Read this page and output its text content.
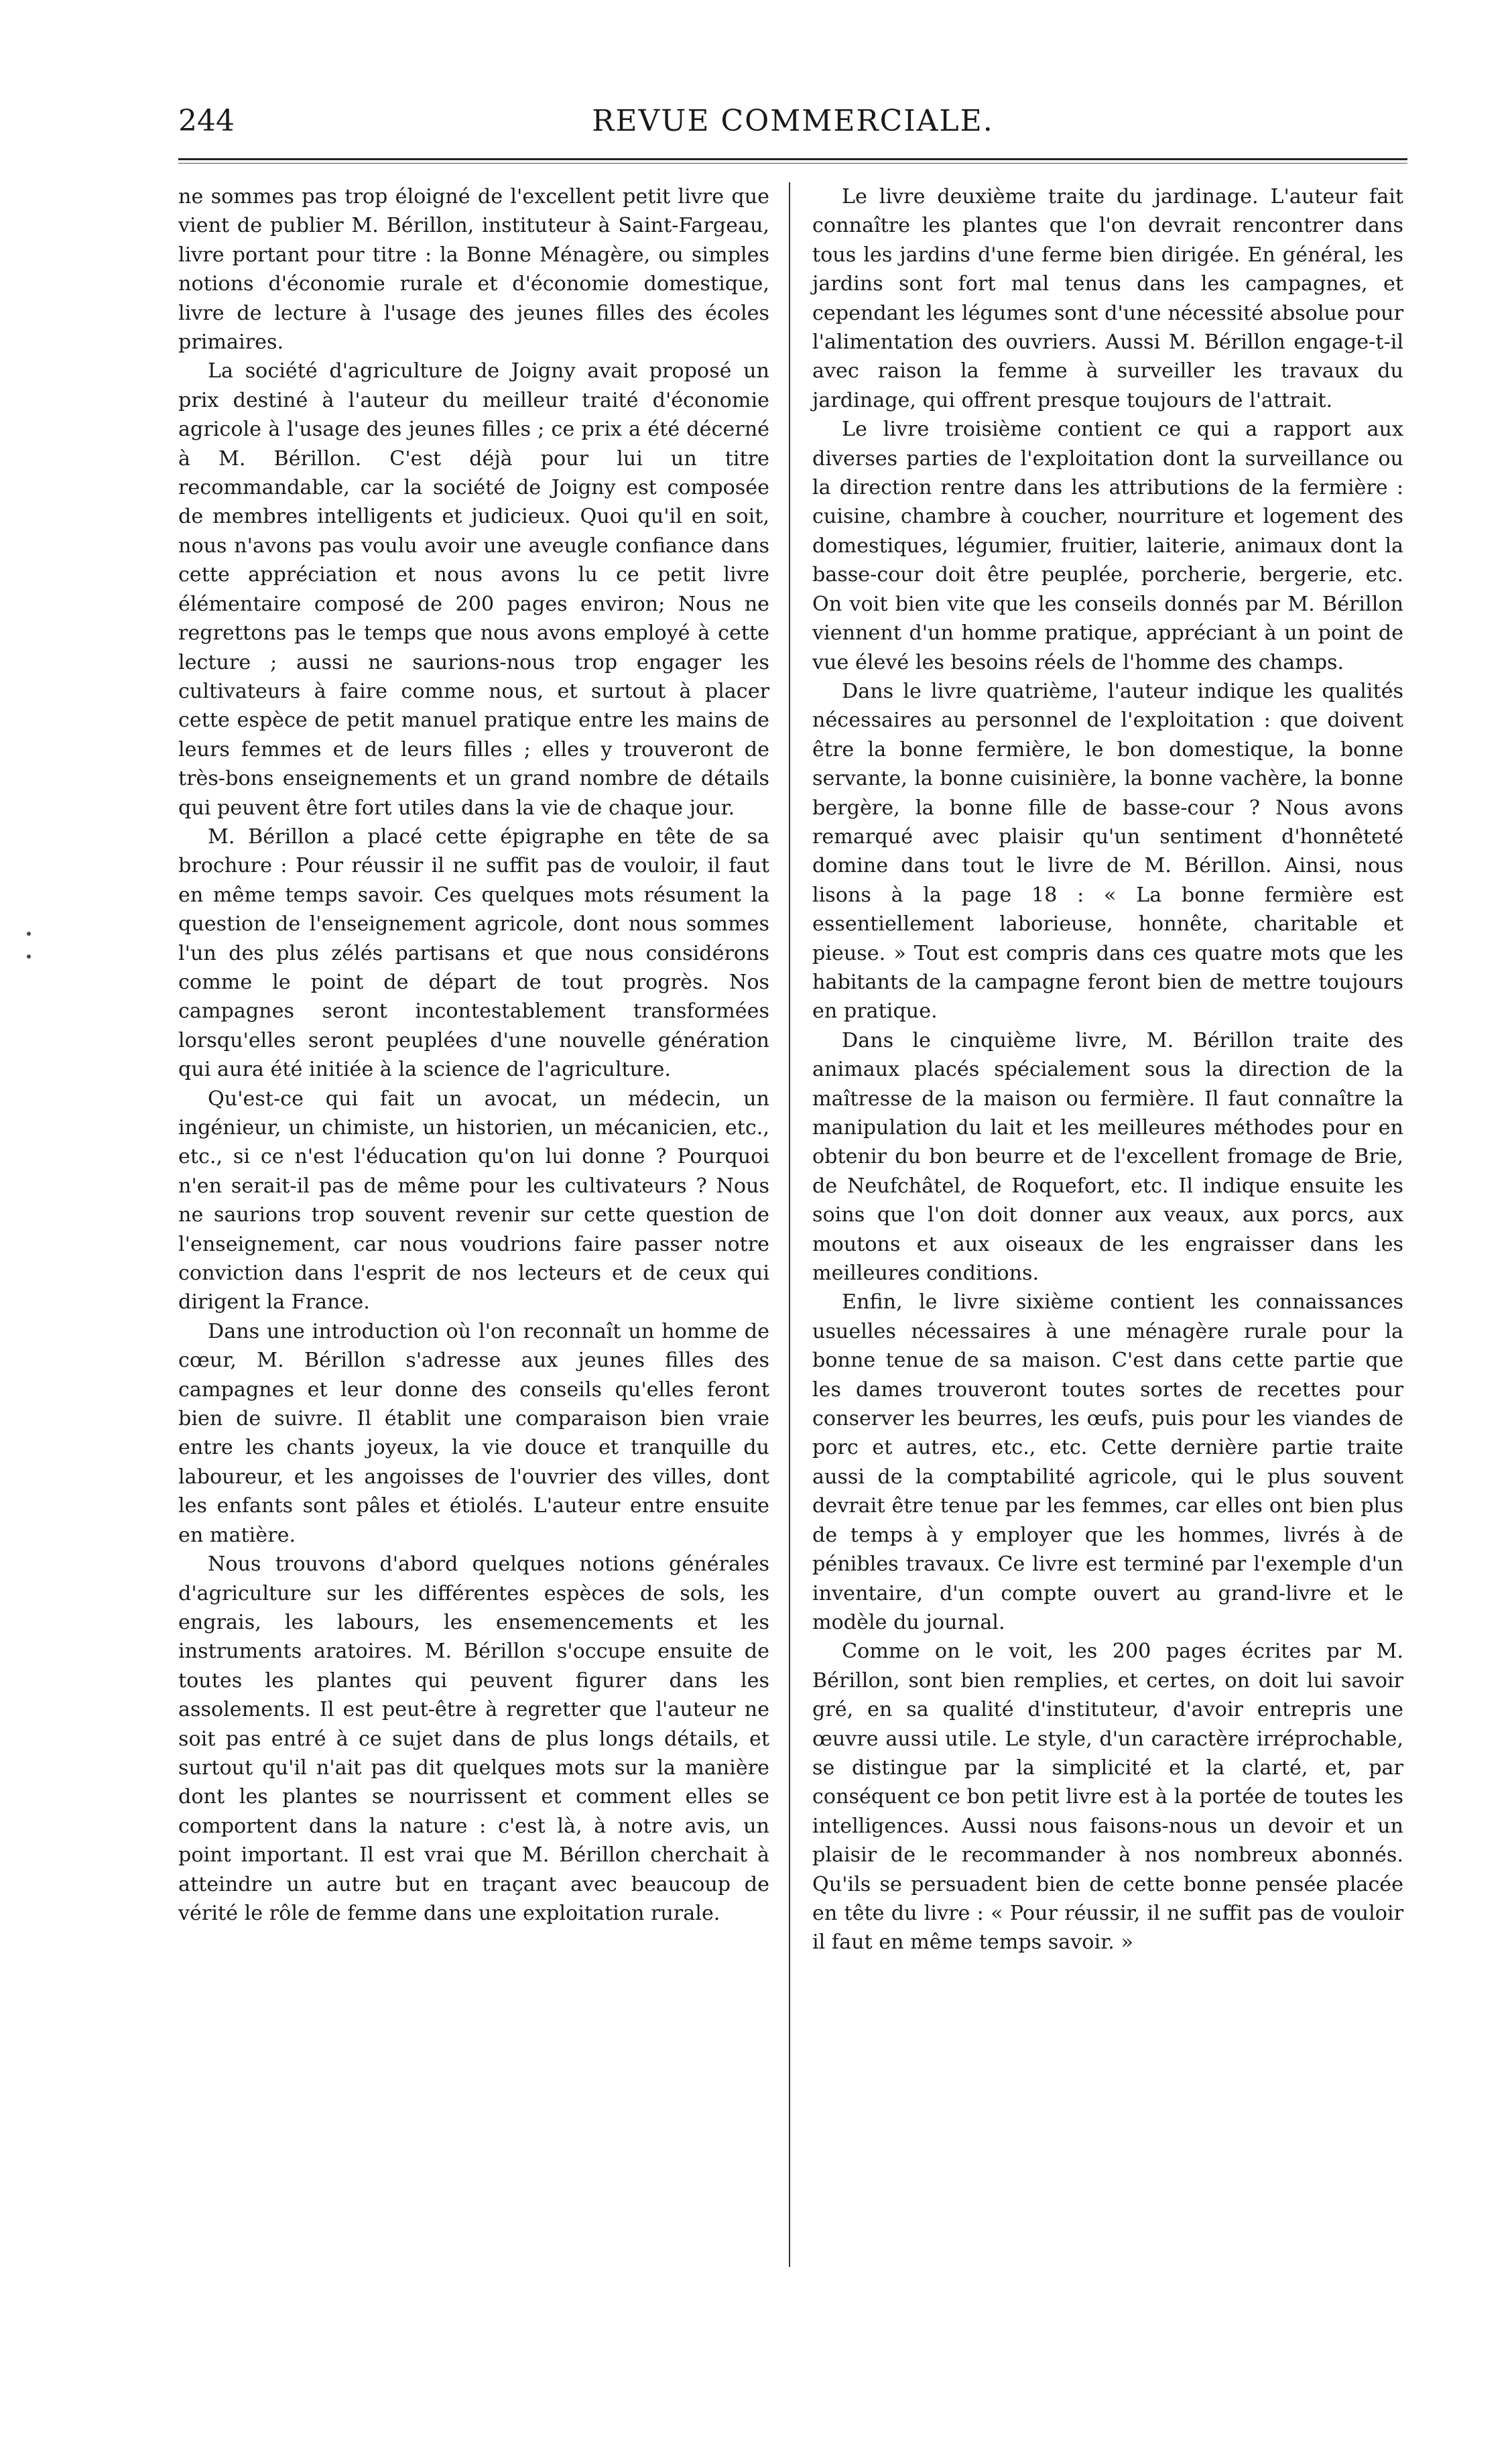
244	REVUE COMMERCIALE.

ne sommes pas trop éloigné de l'excellent petit livre que vient de publier M. Bérillon, instituteur à Saint-Fargeau, livre portant pour titre : la Bonne Ménagère, ou simples notions d'économie rurale et d'économie domestique, livre de lecture à l'usage des jeunes filles des écoles primaires.

La société d'agriculture de Joigny avait proposé un prix destiné à l'auteur du meilleur traité d'économie agricole à l'usage des jeunes filles ; ce prix a été décerné à M. Bérillon. C'est déjà pour lui un titre recommandable, car la société de Joigny est composée de membres intelligents et judicieux. Quoi qu'il en soit, nous n'avons pas voulu avoir une aveugle confiance dans cette appréciation et nous avons lu ce petit livre élémentaire composé de 200 pages environ; Nous ne regrettons pas le temps que nous avons employé à cette lecture ; aussi ne saurions-nous trop engager les cultivateurs à faire comme nous, et surtout à placer cette espèce de petit manuel pratique entre les mains de leurs femmes et de leurs filles ; elles y trouveront de très-bons enseignements et un grand nombre de détails qui peuvent être fort utiles dans la vie de chaque jour.

M. Bérillon a placé cette épigraphe en tête de sa brochure : Pour réussir il ne suffit pas de vouloir, il faut en même temps savoir. Ces quelques mots résument la question de l'enseignement agricole, dont nous sommes l'un des plus zélés partisans et que nous considérons comme le point de départ de tout progrès. Nos campagnes seront incontestablement transformées lorsqu'elles seront peuplées d'une nouvelle génération qui aura été initiée à la science de l'agriculture.

Qu'est-ce qui fait un avocat, un médecin, un ingénieur, un chimiste, un historien, un mécanicien, etc., etc., si ce n'est l'éducation qu'on lui donne ? Pourquoi n'en serait-il pas de même pour les cultivateurs ? Nous ne saurions trop souvent revenir sur cette question de l'enseignement, car nous voudrions faire passer notre conviction dans l'esprit de nos lecteurs et de ceux qui dirigent la France.

Dans une introduction où l'on reconnaît un homme de cœur, M. Bérillon s'adresse aux jeunes filles des campagnes et leur donne des conseils qu'elles feront bien de suivre. Il établit une comparaison bien vraie entre les chants joyeux, la vie douce et tranquille du laboureur, et les angoisses de l'ouvrier des villes, dont les enfants sont pâles et étiolés. L'auteur entre ensuite en matière.

Nous trouvons d'abord quelques notions générales d'agriculture sur les différentes espèces de sols, les engrais, les labours, les ensemencements et les instruments aratoires. M. Bérillon s'occupe ensuite de toutes les plantes qui peuvent figurer dans les assolements. Il est peut-être à regretter que l'auteur ne soit pas entré à ce sujet dans de plus longs détails, et surtout qu'il n'ait pas dit quelques mots sur la manière dont les plantes se nourrissent et comment elles se comportent dans la nature : c'est là, à notre avis, un point important. Il est vrai que M. Bérillon cherchait à atteindre un autre but en traçant avec beaucoup de vérité le rôle de femme dans une exploitation rurale.

Le livre deuxième traite du jardinage. L'auteur fait connaître les plantes que l'on devrait rencontrer dans tous les jardins d'une ferme bien dirigée. En général, les jardins sont fort mal tenus dans les campagnes, et cependant les légumes sont d'une nécessité absolue pour l'alimentation des ouvriers. Aussi M. Bérillon engage-t-il avec raison la femme à surveiller les travaux du jardinage, qui offrent presque toujours de l'attrait.

Le livre troisième contient ce qui a rapport aux diverses parties de l'exploitation dont la surveillance ou la direction rentre dans les attributions de la fermière : cuisine, chambre à coucher, nourriture et logement des domestiques, légumier, fruitier, laiterie, animaux dont la basse-cour doit être peuplée, porcherie, bergerie, etc. On voit bien vite que les conseils donnés par M. Bérillon viennent d'un homme pratique, appréciant à un point de vue élevé les besoins réels de l'homme des champs.

Dans le livre quatrième, l'auteur indique les qualités nécessaires au personnel de l'exploitation : que doivent être la bonne fermière, le bon domestique, la bonne servante, la bonne cuisinière, la bonne vachère, la bonne bergère, la bonne fille de basse-cour ? Nous avons remarqué avec plaisir qu'un sentiment d'honnêteté domine dans tout le livre de M. Bérillon. Ainsi, nous lisons à la page 18 : « La bonne fermière est essentiellement laborieuse, honnête, charitable et pieuse. » Tout est compris dans ces quatre mots que les habitants de la campagne feront bien de mettre toujours en pratique.

Dans le cinquième livre, M. Bérillon traite des animaux placés spécialement sous la direction de la maîtresse de la maison ou fermière. Il faut connaître la manipulation du lait et les meilleures méthodes pour en obtenir du bon beurre et de l'excellent fromage de Brie, de Neufchâtel, de Roquefort, etc. Il indique ensuite les soins que l'on doit donner aux veaux, aux porcs, aux moutons et aux oiseaux de les engraisser dans les meilleures conditions.

Enfin, le livre sixième contient les connaissances usuelles nécessaires à une ménagère rurale pour la bonne tenue de sa maison. C'est dans cette partie que les dames trouveront toutes sortes de recettes pour conserver les beurres, les œufs, puis pour les viandes de porc et autres, etc., etc. Cette dernière partie traite aussi de la comptabilité agricole, qui le plus souvent devrait être tenue par les femmes, car elles ont bien plus de temps à y employer que les hommes, livrés à de pénibles travaux. Ce livre est terminé par l'exemple d'un inventaire, d'un compte ouvert au grand-livre et le modèle du journal.

Comme on le voit, les 200 pages écrites par M. Bérillon, sont bien remplies, et certes, on doit lui savoir gré, en sa qualité d'instituteur, d'avoir entrepris une œuvre aussi utile. Le style, d'un caractère irréprochable, se distingue par la simplicité et la clarté, et, par conséquent ce bon petit livre est à la portée de toutes les intelligences. Aussi nous faisons-nous un devoir et un plaisir de le recommander à nos nombreux abonnés. Qu'ils se persuadent bien de cette bonne pensée placée en tête du livre : « Pour réussir, il ne suffit pas de vouloir il faut en même temps savoir. »
